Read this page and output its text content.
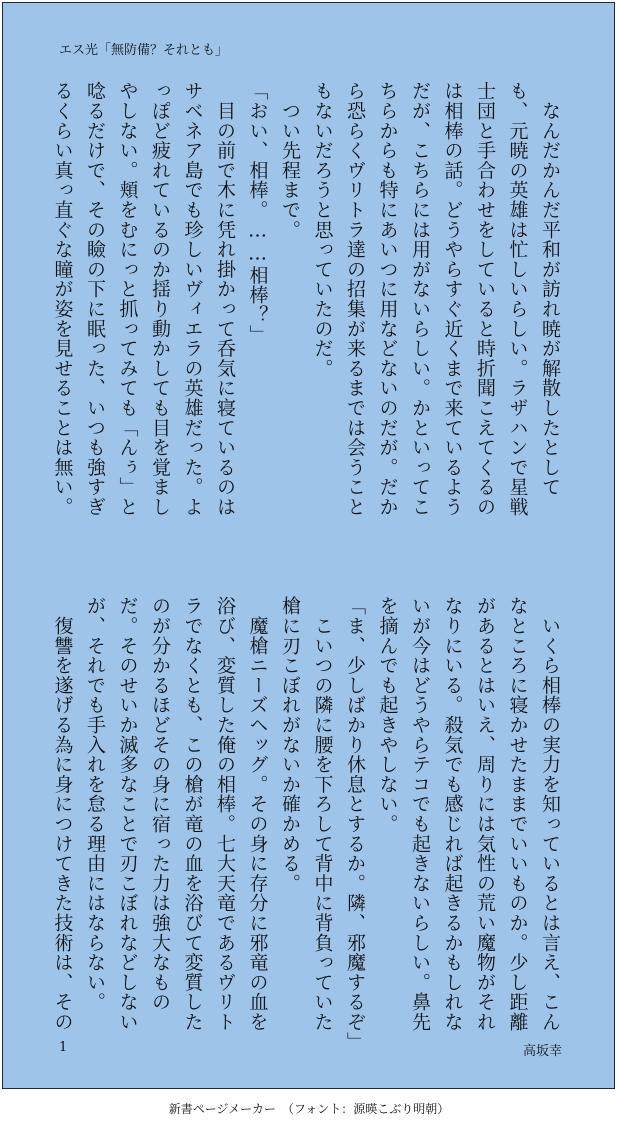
エス光「無防備？それとも」

　なんだかんだ平和が訪れ暁が解散したとしても、元暁の英雄は忙しいらしい。ラザハンで星戦士団と手合わせをしていると時折聞こえてくるのは相棒の話。どうやらすぐ近くまで来ているようだが、こちらには用がないらしい。かといってこちらからも特にあいつに用などないのだが。だから恐らくヴリトラ達の招集が来るまでは会うこともないだろうと思っていたのだ。

　つい先程まで。

「おい、相棒。……相棒？」

　目の前で木に凭れ掛かって呑気に寝ているのはサベネア島でも珍しいヴィエラの英雄だった。よっぽど疲れているのか揺り動かしても目を覚ましやしない。頬をむにっと抓ってみても「んぅ」と唸るだけで、その瞼の下に眠った、いつも強すぎるくらい真っ直ぐな瞳が姿を見せることは無い。

　いくら相棒の実力を知っているとは言え、こんなところに寝かせたままでいいものか。少し距離があるとはいえ、周りには気性の荒い魔物がそれなりにいる。殺気でも感じれば起きるかもしれないが今はどうやらテコでも起きないらしい。鼻先を摘んでも起きやしない。

「ま、少しばかり休息とするか。隣、邪魔するぞ」

　こいつの隣に腰を下ろして背中に背負っていた槍に刃こぼれがないか確かめる。

　魔槍ニーズヘッグ。その身に存分に邪竜の血を浴び、変質した俺の相棒。七大天竜であるヴリトラでなくとも、この槍が竜の血を浴びて変質したのが分かるほどその身に宿った力は強大なものだ。そのせいか滅多なことで刃こぼれなどしないが、それでも手入れを怠る理由にはならない。

　復讐を遂げる為に身につけてきた技術は、その

1	高坂幸
新書ページメーカー　（フォント：源暎こぶり明朝）
